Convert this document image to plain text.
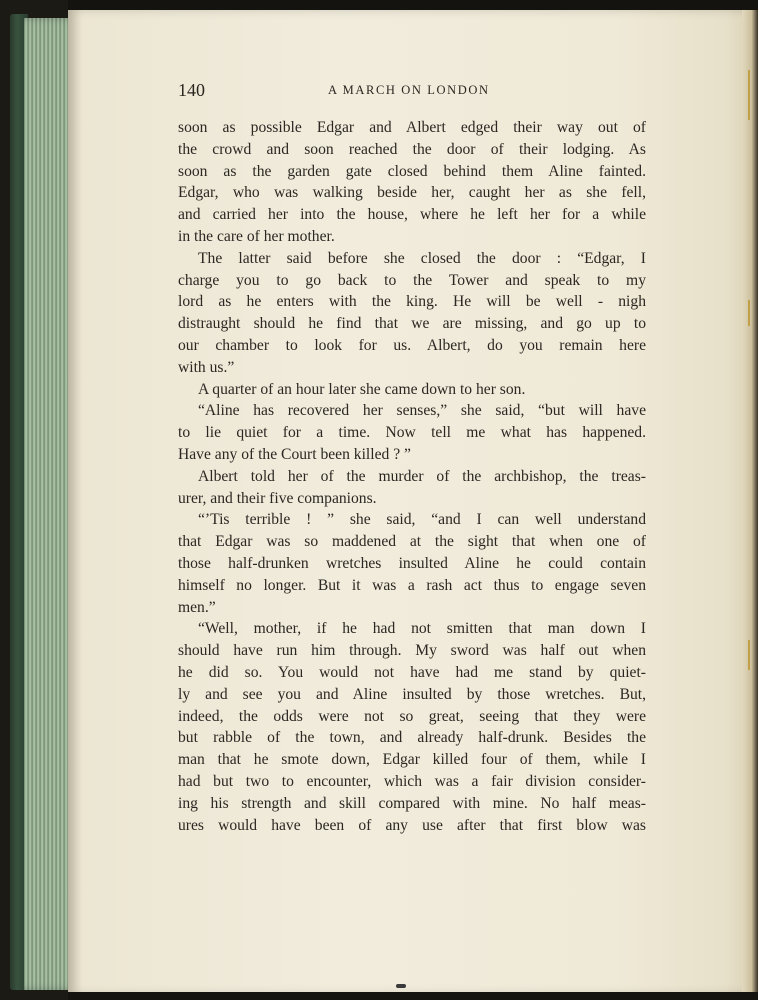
140	A MARCH ON LONDON
soon as possible Edgar and Albert edged their way out of
the crowd and soon reached the door of their lodging. As
soon as the garden gate closed behind them Aline fainted.
Edgar, who was walking beside her, caught her as she fell,
and carried her into the house, where he left her for a while
in the care of her mother.
The latter said before she closed the door : “Edgar, I
charge you to go back to the Tower and speak to my
lord as he enters with the king. He will be well - nigh
distraught should he find that we are missing, and go up to
our chamber to look for us. Albert, do you remain here
with us.”
A quarter of an hour later she came down to her son.
“Aline has recovered her senses,” she said, “but will have
to lie quiet for a time. Now tell me what has happened.
Have any of the Court been killed ? ”
Albert told her of the murder of the archbishop, the treas-
urer, and their five companions.
“’Tis terrible ! ” she said, “and I can well understand
that Edgar was so maddened at the sight that when one of
those half-drunken wretches insulted Aline he could contain
himself no longer. But it was a rash act thus to engage seven
men.”
“Well, mother, if he had not smitten that man down I
should have run him through. My sword was half out when
he did so. You would not have had me stand by quiet-
ly and see you and Aline insulted by those wretches. But,
indeed, the odds were not so great, seeing that they were
but rabble of the town, and already half-drunk. Besides the
man that he smote down, Edgar killed four of them, while I
had but two to encounter, which was a fair division consider-
ing his strength and skill compared with mine. No half meas-
ures would have been of any use after that first blow was
